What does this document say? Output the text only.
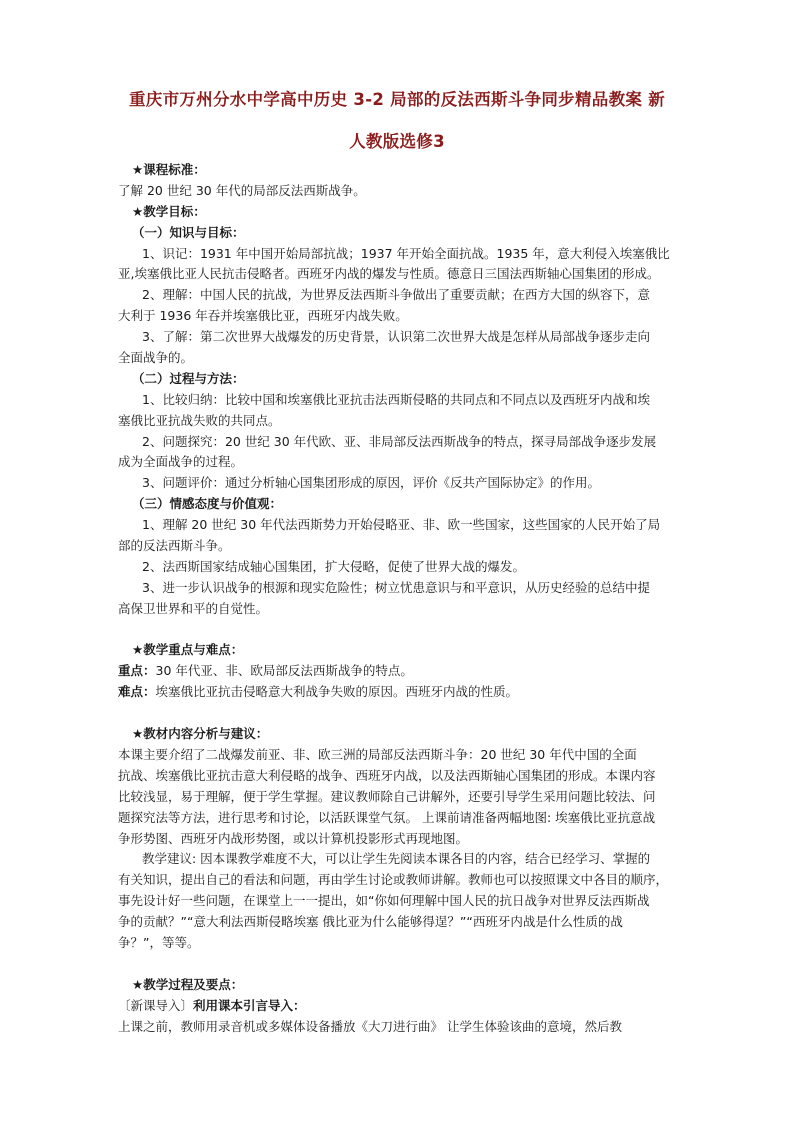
重庆市万州分水中学高中历史 3-2 局部的反法西斯斗争同步精品教案 新
人教版选修3
★课程标准：
了解 20 世纪 30 年代的局部反法西斯战争。
★教学目标：
（一）知识与目标：
1、识记：1931 年中国开始局部抗战；1937 年开始全面抗战。1935 年，意大利侵入埃塞俄比
亚,埃塞俄比亚人民抗击侵略者。西班牙内战的爆发与性质。德意日三国法西斯轴心国集团的形成。
2、理解：中国人民的抗战，为世界反法西斯斗争做出了重要贡献；在西方大国的纵容下，意
大利于 1936 年吞并埃塞俄比亚，西班牙内战失败。
3、了解：第二次世界大战爆发的历史背景，认识第二次世界大战是怎样从局部战争逐步走向
全面战争的。
（二）过程与方法：
1、比较归纳：比较中国和埃塞俄比亚抗击法西斯侵略的共同点和不同点以及西班牙内战和埃
塞俄比亚抗战失败的共同点。
2、问题探究：20 世纪 30 年代欧、亚、非局部反法西斯战争的特点，探寻局部战争逐步发展
成为全面战争的过程。
3、问题评价：通过分析轴心国集团形成的原因，评价《反共产国际协定》的作用。
（三）情感态度与价值观：
1、理解 20 世纪 30 年代法西斯势力开始侵略亚、非、欧一些国家，这些国家的人民开始了局
部的反法西斯斗争。
2、法西斯国家结成轴心国集团，扩大侵略，促使了世界大战的爆发。
3、进一步认识战争的根源和现实危险性；树立忧患意识与和平意识，从历史经验的总结中提
高保卫世界和平的自觉性。
★教学重点与难点：
重点：30 年代亚、非、欧局部反法西斯战争的特点。
难点：埃塞俄比亚抗击侵略意大利战争失败的原因。西班牙内战的性质。
★教材内容分析与建议：
本课主要介绍了二战爆发前亚、非、欧三洲的局部反法西斯斗争：20 世纪 30 年代中国的全面
抗战、埃塞俄比亚抗击意大利侵略的战争、西班牙内战，以及法西斯轴心国集团的形成。本课内容
比较浅显，易于理解，便于学生掌握。建议教师除自己讲解外，还要引导学生采用问题比较法、问
题探究法等方法，进行思考和讨论，以活跃课堂气氛。 上课前请准备两幅地图: 埃塞俄比亚抗意战
争形势图、西班牙内战形势图，或以计算机投影形式再现地图。
教学建议: 因本课教学难度不大，可以让学生先阅读本课各目的内容，结合已经学习、掌握的
有关知识，提出自己的看法和问题，再由学生讨论或教师讲解。教师也可以按照课文中各目的顺序，
事先设计好一些问题，在课堂上一一提出，如“你如何理解中国人民的抗日战争对世界反法西斯战
争的贡献？”“意大利法西斯侵略埃塞 俄比亚为什么能够得逞？”“西班牙内战是什么性质的战
争？”，等等。
★教学过程及要点：
〔新课导入〕利用课本引言导入：
上课之前，教师用录音机或多媒体设备播放《大刀进行曲》 让学生体验该曲的意境，然后教
